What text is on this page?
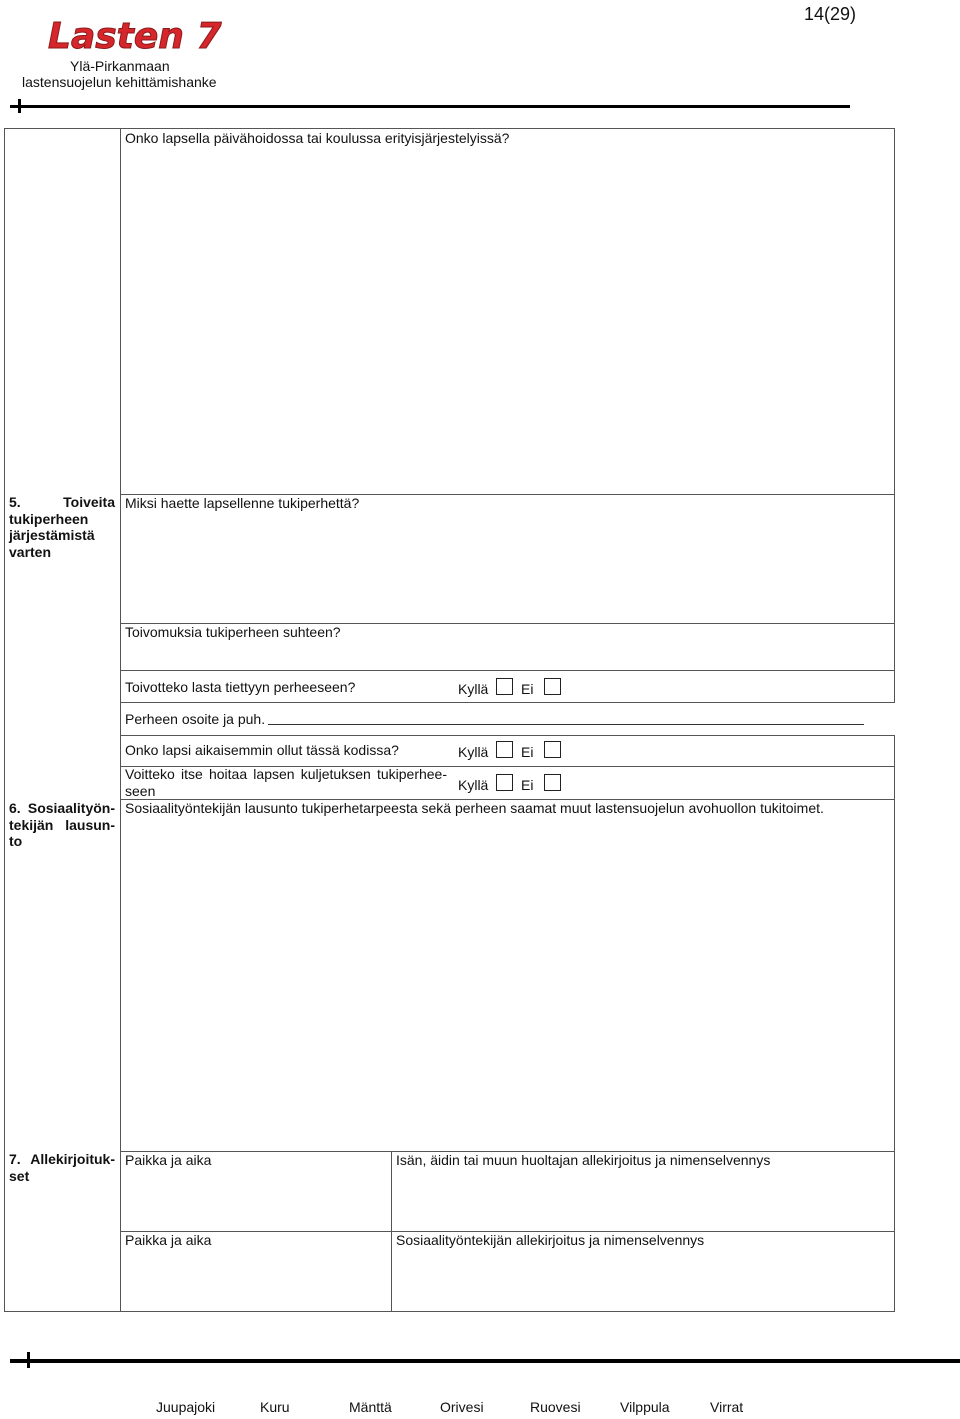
Lasten 7
Ylä-Pirkanmaan
lastensuojelun kehittämishanke
14(29)
Onko lapsella päivähoidossa tai koulussa erityisjärjestelyissä?
Miksi haette lapsellenne tukiperhettä?
5.	Toiveita
tukiperheen
järjestämistä
varten
Toivomuksia tukiperheen suhteen?
Toivotteko lasta tiettyyn perheeseen?	Kyllä Ei
Perheen osoite ja puh.
Onko lapsi aikaisemmin ollut tässä kodissa?	Kyllä Ei
Voitteko itse hoitaa lapsen kuljetuksen tukiperhee-
seen	Kyllä Ei
Sosiaalityöntekijän lausunto tukiperhetarpeesta sekä perheen saamat muut lastensuojelun avohuollon tukitoimet.
6. Sosiaalityön-
tekijän lausun-
to
7. Allekirjoituk-
set
Paikka ja aika	Isän, äidin tai muun huoltajan allekirjoitus ja nimenselvennys
Paikka ja aika	Sosiaalityöntekijän allekirjoitus ja nimenselvennys
Juupajoki	Kuru	Mänttä	Orivesi	Ruovesi	Vilppula	Virrat
